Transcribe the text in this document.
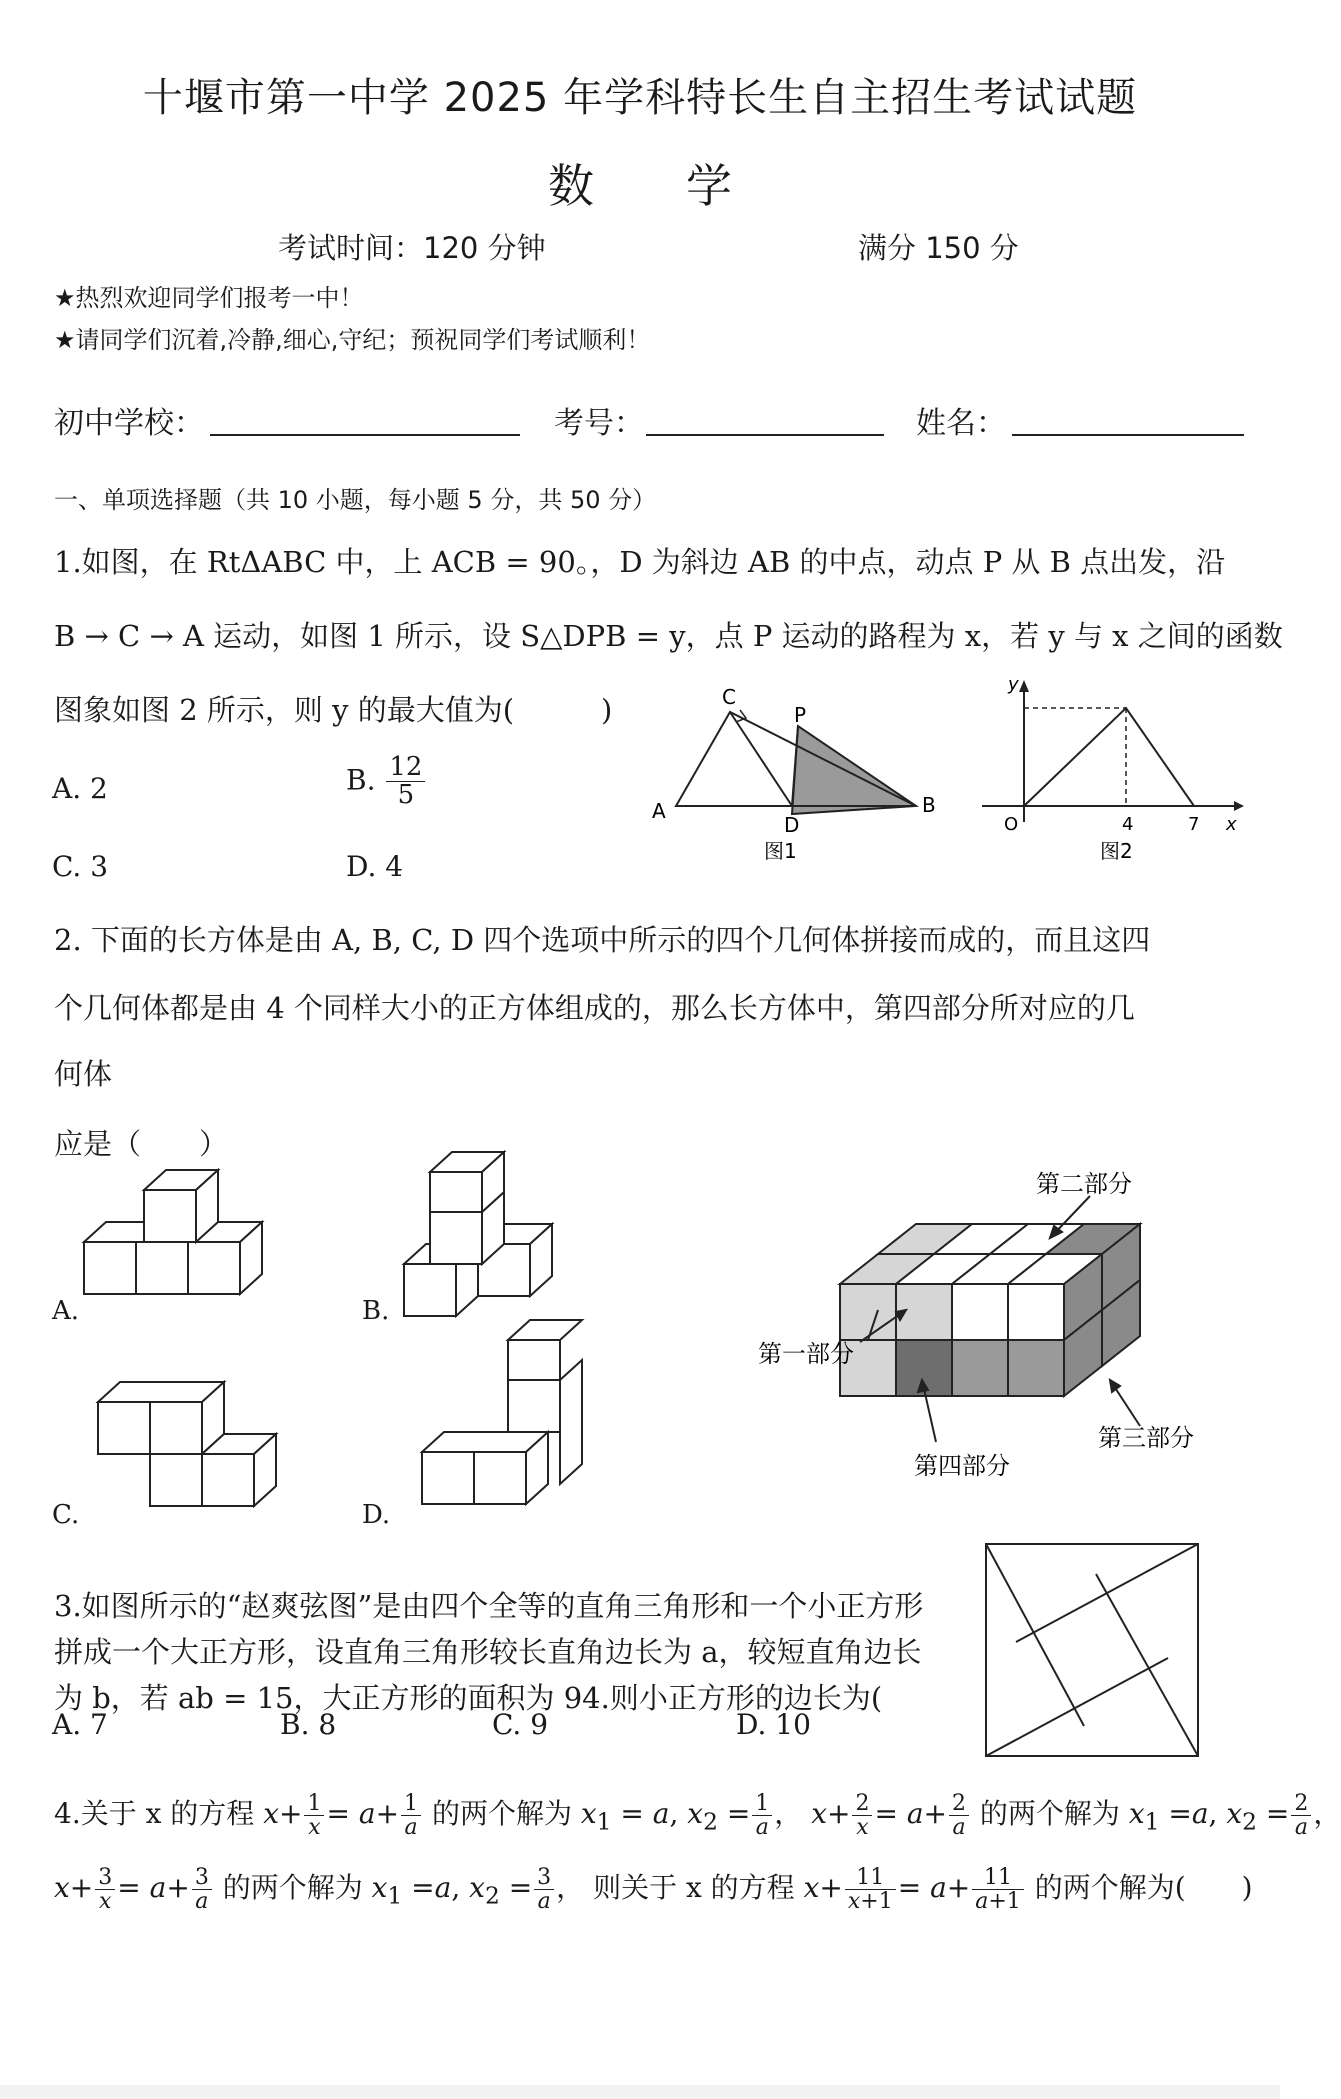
十堰市第一中学 2025 年学科特长生自主招生考试试题
数　　学
考试时间：120 分钟	满分 150 分
★热烈欢迎同学们报考一中！
★请同学们沉着,冷静,细心,守纪；预祝同学们考试顺利！
初中学校：	考号：	姓名：
一、单项选择题（共 10 小题，每小题 5 分，共 50 分）
1.如图，在 RtΔABC 中，上 ACB = 90。，D 为斜边 AB 的中点，动点 P 从 B 点出发，沿
B → C → A 运动，如图 1 所示，设 S△DPB = y，点 P 运动的路程为 x，若 y 与 x 之间的函数
图象如图 2 所示，则 y 的最大值为(　　　)
A. 2	B. $\frac{12}{5}$
C. 3	D. 4
C
P
A
D
B
图1
y
O	4	7 x
图2
2. 下面的长方体是由 A, B, C, D 四个选项中所示的四个几何体拼接而成的，而且这四
个几何体都是由 4 个同样大小的正方体组成的，那么长方体中，第四部分所对应的几
何体
应是（　　）
A.	B.
C.	D.
第二部分
第一部分
第四部分
第三部分
3.如图所示的“赵爽弦图”是由四个全等的直角三角形和一个小正方形
拼成一个大正方形，设直角三角形较长直角边长为 a，较短直角边长
为 b，若 ab = 15，大正方形的面积为 94.则小正方形的边长为(
A. 7	B. 8	C. 9	D. 10
4.关于 x 的方程 $x+ \frac{1}{x} = a+ \frac{1}{a}$ 的两个解为 $x_1 = a$, $x_2 = \frac{1}{a}$ ， $x+ \frac{2}{x} = a+ \frac{2}{a}$ 的两个解为 $x_1 =a$, $x_2 = \frac{2}{a}$ ，
$x+ \frac{3}{x} = a+ \frac{3}{a}$ 的两个解为 $x_1 =a$, $x_2 = \frac{3}{a}$ ， 则关于 x 的方程 $x+ \frac{11}{x+1} = a+ \frac{11}{a+1}$ 的两个解为(　　)
